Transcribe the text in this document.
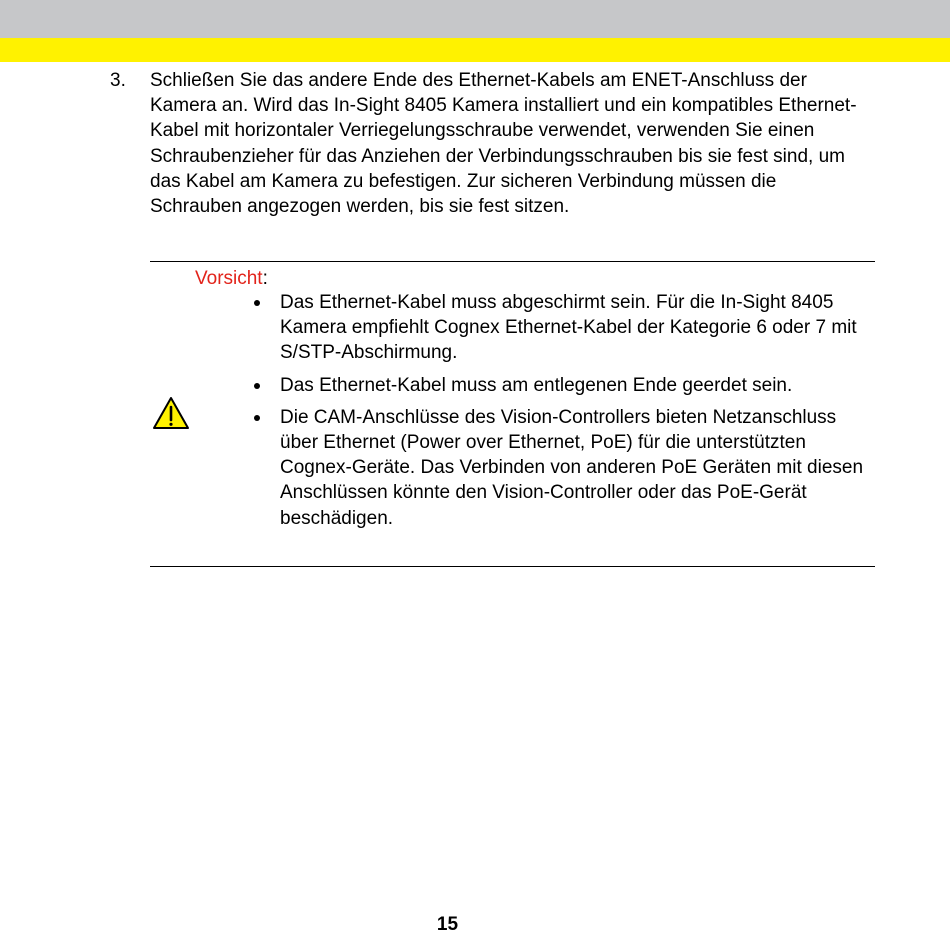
3. Schließen Sie das andere Ende des Ethernet-Kabels am ENET-Anschluss der Kamera an. Wird das In-Sight 8405 Kamera installiert und ein kompatibles Ethernet-Kabel mit horizontaler Verriegelungsschraube verwendet, verwenden Sie einen Schraubenzieher für das Anziehen der Verbindungsschrauben bis sie fest sind, um das Kabel am Kamera zu befestigen. Zur sicheren Verbindung müssen die Schrauben angezogen werden, bis sie fest sitzen.
Vorsicht:
Das Ethernet-Kabel muss abgeschirmt sein. Für die In-Sight 8405 Kamera empfiehlt Cognex Ethernet-Kabel der Kategorie 6 oder 7 mit S/STP-Abschirmung.
Das Ethernet-Kabel muss am entlegenen Ende geerdet sein.
Die CAM-Anschlüsse des Vision-Controllers bieten Netzanschluss über Ethernet (Power over Ethernet, PoE) für die unterstützten Cognex-Geräte. Das Verbinden von anderen PoE Geräten mit diesen Anschlüssen könnte den Vision-Controller oder das PoE-Gerät beschädigen.
15
